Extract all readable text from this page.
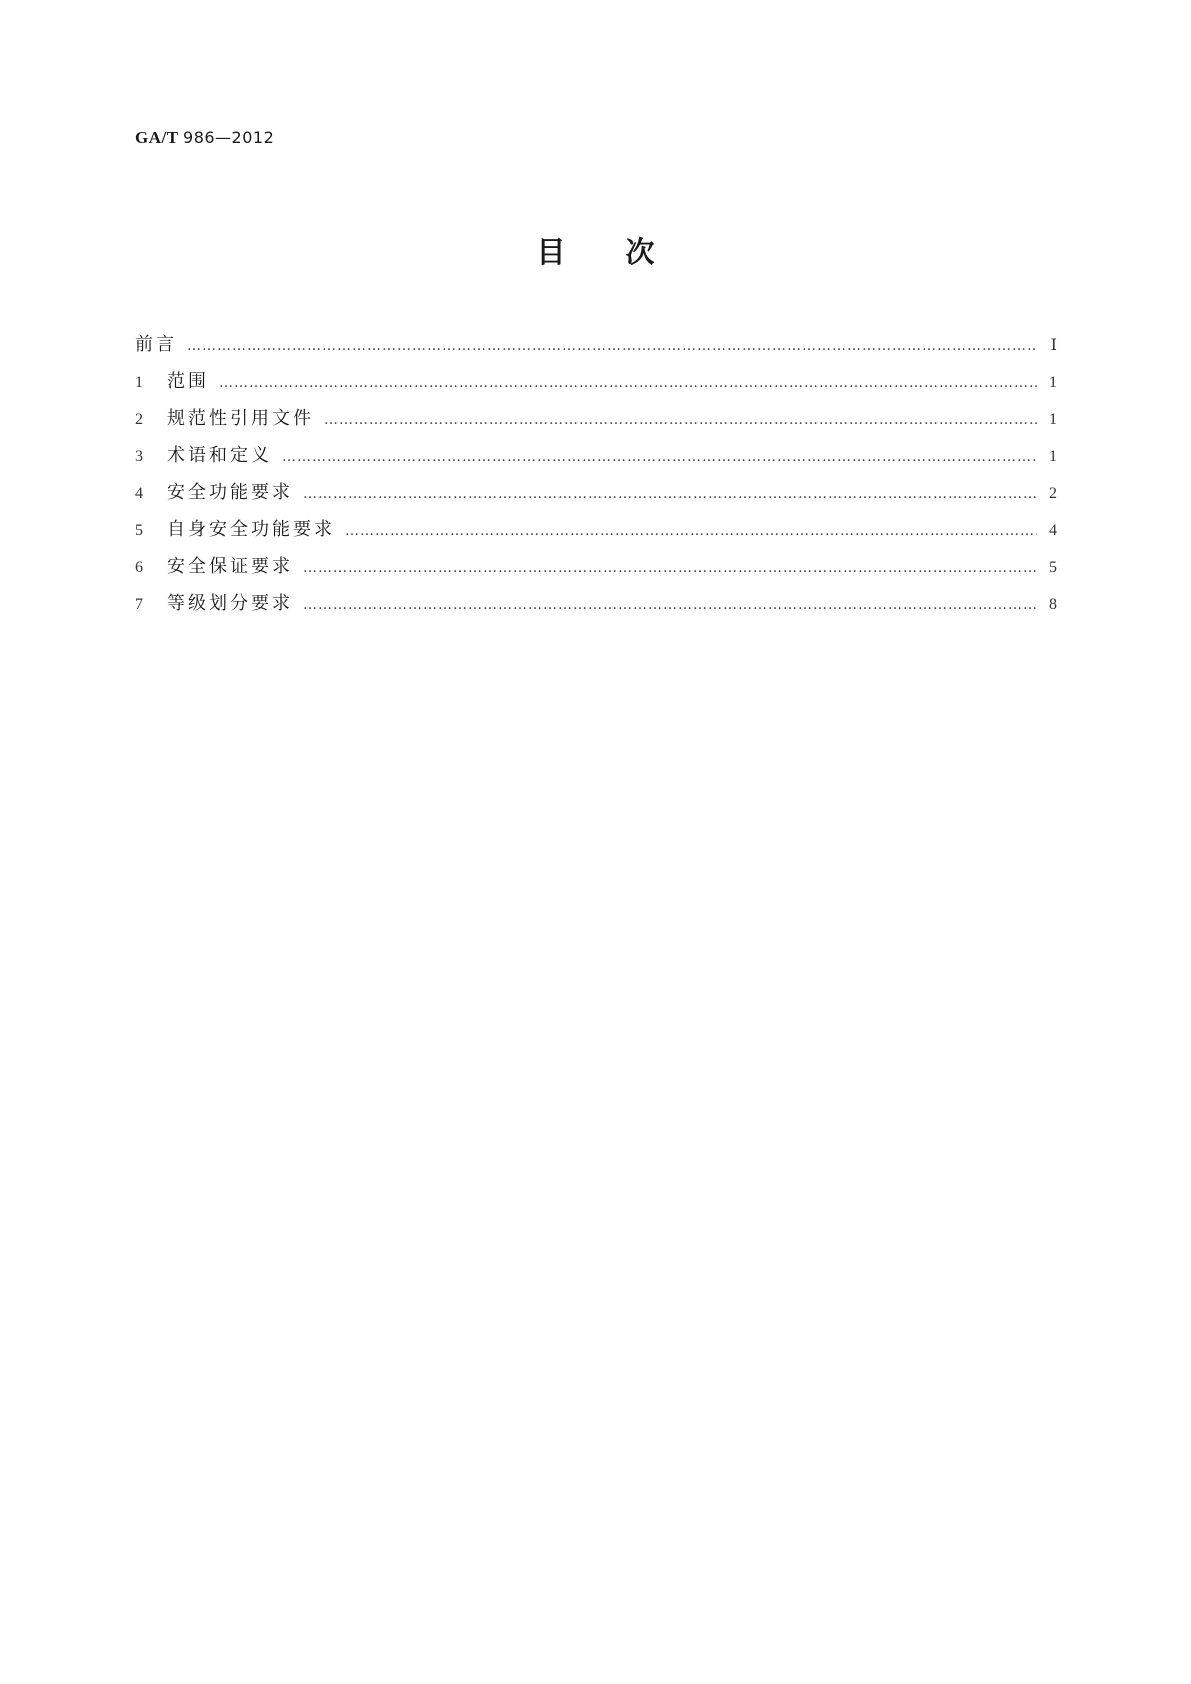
GA/T 986—2012
目 次
前言 ……………………………………………………………………………………………………………………………………………………………………………………	Ⅰ
1	范围 ……………………………………………………………………………………………………………………………………………………………………………………	1
2	规范性引用文件 ……………………………………………………………………………………………………………………………………………………………………………………	1
3	术语和定义 ……………………………………………………………………………………………………………………………………………………………………………………	1
4	安全功能要求 ……………………………………………………………………………………………………………………………………………………………………………………	2
5	自身安全功能要求 ……………………………………………………………………………………………………………………………………………………………………………………	4
6	安全保证要求 ……………………………………………………………………………………………………………………………………………………………………………………	5
7	等级划分要求 ……………………………………………………………………………………………………………………………………………………………………………………	8
